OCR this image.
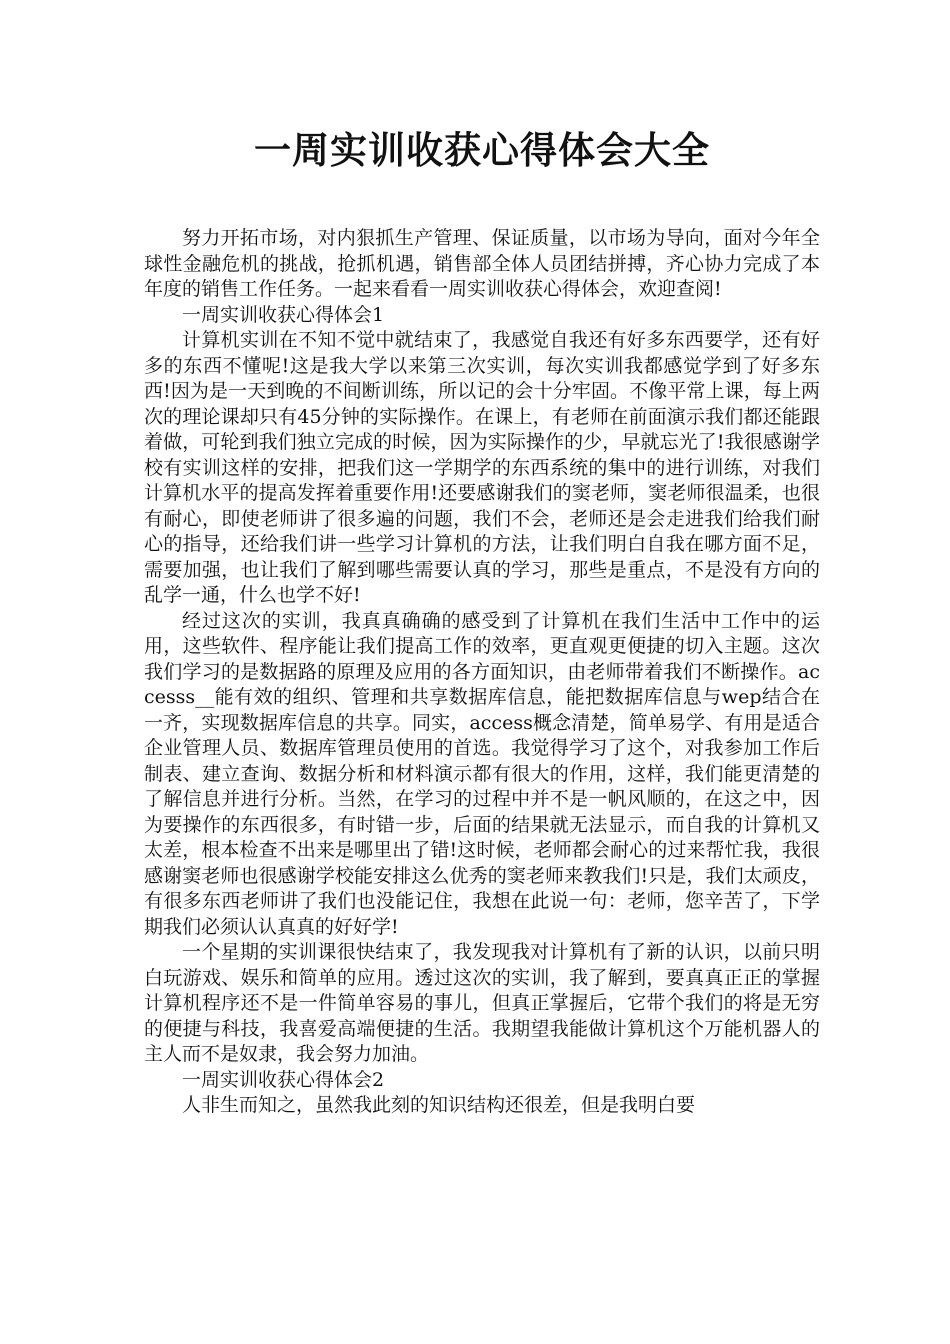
一周实训收获心得体会大全

努力开拓市场，对内狠抓生产管理、保证质量，以市场为导向，面对今年全球性金融危机的挑战，抢抓机遇，销售部全体人员团结拼搏，齐心协力完成了本年度的销售工作任务。一起来看看一周实训收获心得体会，欢迎查阅!

一周实训收获心得体会1

计算机实训在不知不觉中就结束了，我感觉自我还有好多东西要学，还有好多的东西不懂呢!这是我大学以来第三次实训，每次实训我都感觉学到了好多东西!因为是一天到晚的不间断训练，所以记的会十分牢固。不像平常上课，每上两次的理论课却只有45分钟的实际操作。在课上，有老师在前面演示我们都还能跟着做，可轮到我们独立完成的时候，因为实际操作的少，早就忘光了!我很感谢学校有实训这样的安排，把我们这一学期学的东西系统的集中的进行训练，对我们计算机水平的提高发挥着重要作用!还要感谢我们的窦老师，窦老师很温柔，也很有耐心，即使老师讲了很多遍的问题，我们不会，老师还是会走进我们给我们耐心的指导，还给我们讲一些学习计算机的方法，让我们明白自我在哪方面不足，需要加强，也让我们了解到哪些需要认真的学习，那些是重点，不是没有方向的乱学一通，什么也学不好!

经过这次的实训，我真真确确的感受到了计算机在我们生活中工作中的运用，这些软件、程序能让我们提高工作的效率，更直观更便捷的切入主题。这次我们学习的是数据路的原理及应用的各方面知识，由老师带着我们不断操作。accesss__能有效的组织、管理和共享数据库信息，能把数据库信息与wep结合在一齐，实现数据库信息的共享。同实，access概念清楚，简单易学、有用是适合企业管理人员、数据库管理员使用的首选。我觉得学习了这个，对我参加工作后制表、建立查询、数据分析和材料演示都有很大的作用，这样，我们能更清楚的了解信息并进行分析。当然，在学习的过程中并不是一帆风顺的，在这之中，因为要操作的东西很多，有时错一步，后面的结果就无法显示，而自我的计算机又太差，根本检查不出来是哪里出了错!这时候，老师都会耐心的过来帮忙我，我很感谢窦老师也很感谢学校能安排这么优秀的窦老师来教我们!只是，我们太顽皮，有很多东西老师讲了我们也没能记住，我想在此说一句：老师，您辛苦了，下学期我们必须认认真真的好好学!

一个星期的实训课很快结束了，我发现我对计算机有了新的认识，以前只明白玩游戏、娱乐和简单的应用。透过这次的实训，我了解到，要真真正正的掌握计算机程序还不是一件简单容易的事儿，但真正掌握后，它带个我们的将是无穷的便捷与科技，我喜爱高端便捷的生活。我期望我能做计算机这个万能机器人的主人而不是奴隶，我会努力加油。

一周实训收获心得体会2

人非生而知之，虽然我此刻的知识结构还很差，但是我明白要
